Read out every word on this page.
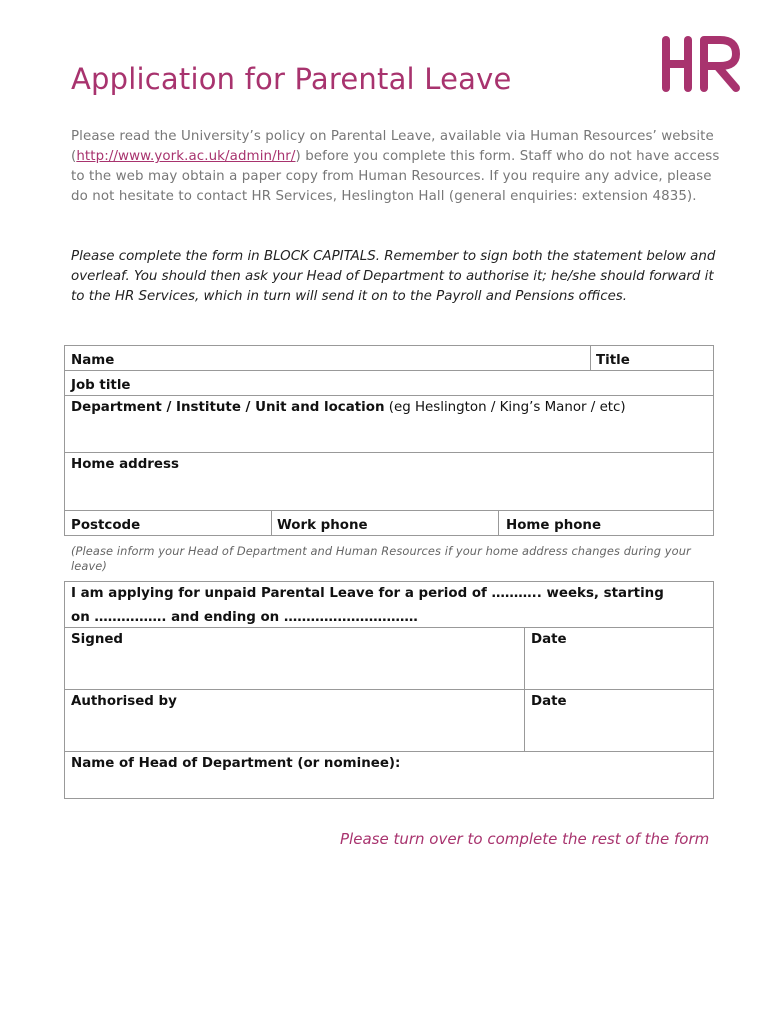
Application for Parental Leave

Please read the University’s policy on Parental Leave, available via Human Resources’ website (http://www.york.ac.uk/admin/hr/) before you complete this form. Staff who do not have access to the web may obtain a paper copy from Human Resources. If you require any advice, please do not hesitate to contact HR Services, Heslington Hall (general enquiries: extension 4835).

Please complete the form in BLOCK CAPITALS. Remember to sign both the statement below and overleaf. You should then ask your Head of Department to authorise it; he/she should forward it to the HR Services, which in turn will send it on to the Payroll and Pensions offices.

Name	Title
Job title
Department / Institute / Unit and location (eg Heslington / King’s Manor / etc)
Home address
Postcode	Work phone	Home phone

(Please inform your Head of Department and Human Resources if your home address changes during your leave)

I am applying for unpaid Parental Leave for a period of ……….. weeks, starting
on ……………. and ending on …………………………
Signed	Date
Authorised by	Date
Name of Head of Department (or nominee):
Please turn over to complete the rest of the form
